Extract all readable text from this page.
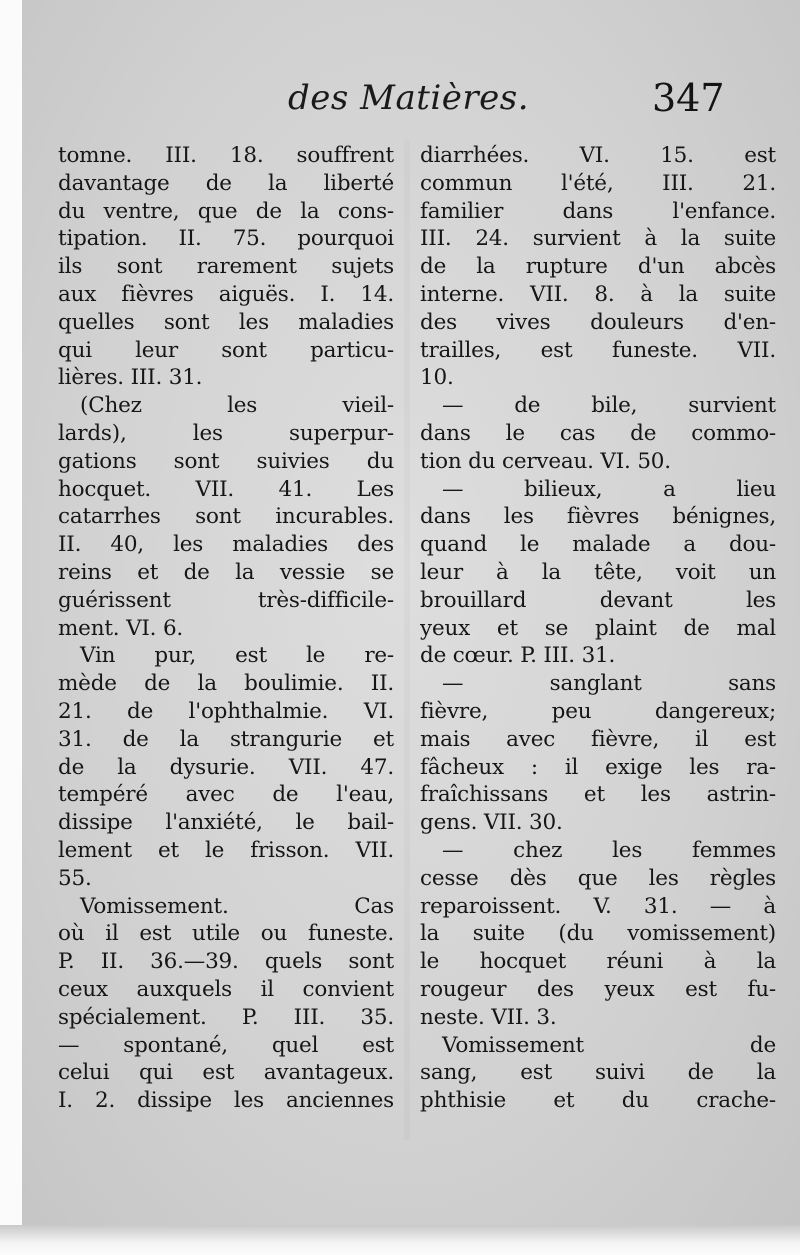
des Matières.	347
tomne. III. 18. souffrent
davantage de la liberté
du ventre, que de la cons-
tipation. II. 75. pourquoi
ils sont rarement sujets
aux fièvres aiguës. I. 14.
quelles sont les maladies
qui leur sont particu-
lières. III. 31.
(Chez les vieil-
lards), les superpur-
gations sont suivies du
hocquet. VII. 41. Les
catarrhes sont incurables.
II. 40, les maladies des
reins et de la vessie se
guérissent très-difficile-
ment. VI. 6.
Vin pur, est le re-
mède de la boulimie. II.
21. de l'ophthalmie. VI.
31. de la strangurie et
de la dysurie. VII. 47.
tempéré avec de l'eau,
dissipe l'anxiété, le bail-
lement et le frisson. VII.
55.
Vomissement. Cas
où il est utile ou funeste.
P. II. 36.—39. quels sont
ceux auxquels il convient
spécialement. P. III. 35.
— spontané, quel est
celui qui est avantageux.
I. 2. dissipe les anciennes
diarrhées. VI. 15. est
commun l'été, III. 21.
familier dans l'enfance.
III. 24. survient à la suite
de la rupture d'un abcès
interne. VII. 8. à la suite
des vives douleurs d'en-
trailles, est funeste. VII.
10.
— de bile, survient
dans le cas de commo-
tion du cerveau. VI. 50.
— bilieux, a lieu
dans les fièvres bénignes,
quand le malade a dou-
leur à la tête, voit un
brouillard devant les
yeux et se plaint de mal
de cœur. P. III. 31.
— sanglant sans
fièvre, peu dangereux;
mais avec fièvre, il est
fâcheux : il exige les ra-
fraîchissans et les astrin-
gens. VII. 30.
— chez les femmes
cesse dès que les règles
reparoissent. V. 31. — à
la suite (du vomissement)
le hocquet réuni à la
rougeur des yeux est fu-
neste. VII. 3.
Vomissement de
sang, est suivi de la
phthisie et du crache-
